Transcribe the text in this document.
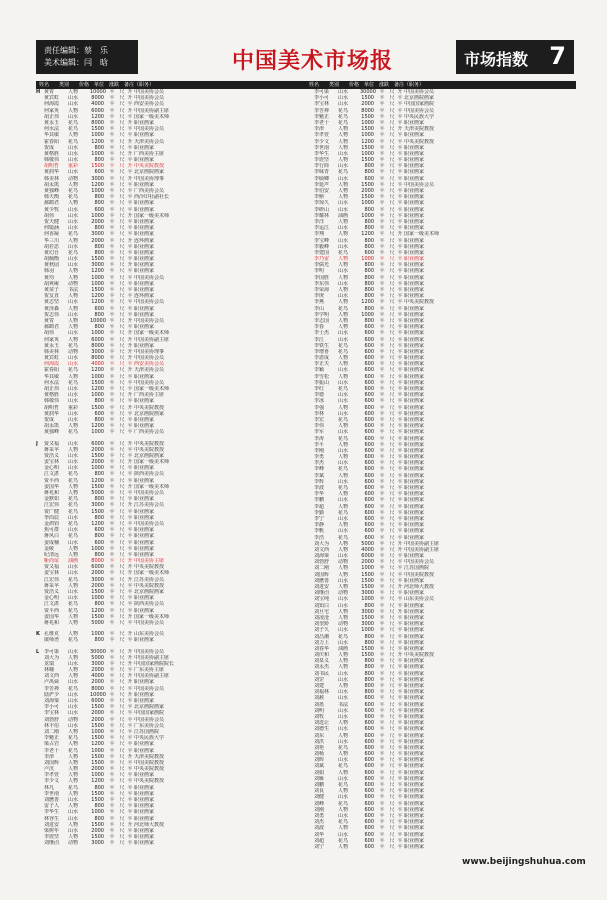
责任编辑：蔡　乐
美术编辑：闫　晗	中国美术市场报	市场指数 7
姓名　　类别　　价格　单位　涨跌　备注（职务）
H 黄胄	人物	10000 平 尺 升 中国美协会员
黄宾虹	山水	8000	平 尺 升 中国美协会员
何海霞	山水	4000	平 尺 平 西安美协会员
何家英	人物	6000	平 尺 升 中国美协副主席
胡正伟	山水	1200	平 尺 平 国家一级美术师
黄永玉	花鸟	8000	平 尺 升 职业画家
何水法	花鸟	1500	平 尺 平 中国美协会员
华其敏	人物	1000	平 尺 平 职业画家
霍春阳	花鸟	1200	平 尺 升 天津美协会员
贺成	山水	800	平 尺 平 职业画家
黄格胜	山水	1000	平 尺 升 广西美协主席
韩敬伟	山水	800	平 尺 平 职业画家
胡明哲	重彩	1500	平 尺 升 中央美院教授
黄润华	山水	600	平 尺 平 北京画院画家
韩美林	动物	3000	平 尺 升 中国美协理事
胡永凯	人物	1200	平 尺 平 职业画家
黄独峰	花鸟	1000	平 尺 平 广西美协会员
韩天衡	花鸟	800	平 尺 平 西泠印社副社长
郝鹤君	人物	800	平 尺 平 职业画家
黄少牧	山水	600	平 尺 平 职业画家
胡伟	山水	1000	平 尺 升 国家一级美术师
贺天健	山水	2000	平 尺 平 职业画家
何镜涵	山水	800	平 尺 平 职业画家
何香凝	花鸟	3000	平 尺 平 职业画家
华三川	人物	2000	平 尺 升 连环画家
胡若思	山水	800	平 尺 平 职业画家
黄幻吾	花鸟	800	平 尺 平 职业画家
胡佩衡	山水	1500	平 尺 平 职业画家
黄秋园	山水	3000	平 尺 升 职业画家
韩羽	人物	1200	平 尺 平 职业画家
黄均	人物	1000	平 尺 平 中国美协会员
胡爽庵	动物	1000	平 尺 平 职业画家
黄苗子	书法	1500	平 尺 平 职业画家
贺友直	人物	1200	平 尺 平 连环画家
黄志坚	山水	1200	平 尺 平 中国美协会员
黄泽森	人物	600	平 尺 平 职业画家
贺志伟	山水	800	平 尺 平 职业画家
黄胄	人物	10000 平 尺 升 中国美协会员
郝鹤君	人物	800	平 尺 平 职业画家
胡伟	山水	1000	平 尺 升 国家一级美术师
何家英	人物	6000	平 尺 升 中国美协副主席
黄永玉	花鸟	8000	平 尺 升 职业画家
韩美林	动物	3000	平 尺 升 中国美协理事
黄宾虹	山水	8000	平 尺 升 中国美协会员
何海霞	山水	4000	平 尺 平 西安美协会员
霍春阳	花鸟	1200	平 尺 升 天津美协会员
华其敏	人物	1000	平 尺 平 职业画家
何水法	花鸟	1500	平 尺 平 中国美协会员
胡正伟	山水	1200	平 尺 平 国家一级美术师
黄格胜	山水	1000	平 尺 升 广西美协主席
韩敬伟	山水	800	平 尺 平 职业画家
胡明哲	重彩	1500	平 尺 升 中央美院教授
黄润华	山水	600	平 尺 平 北京画院画家
贺成	山水	800	平 尺 平 职业画家
胡永凯	人物	1200	平 尺 平 职业画家
黄独峰	花鸟	1000	平 尺 平 广西美协会员
J	贾又福	山水	6000	平 尺 升 中央美院教授
蒋采苹	人物	2000	平 尺 平 中央美院教授
贾浩义	山水	1500	平 尺 平 北京画院画家
姜宝林	山水	2000	平 尺 升 国家一级美术师
金心明	山水	1000	平 尺 平 职业画家
江文湛	花鸟	800	平 尺 平 陕西美协会员
贾平西	花鸟	1200	平 尺 平 职业画家
姜国华	人物	1500	平 尺 升 国家一级美术师
蒋兆和	人物	5000	平 尺 平 中国美协会员
金默如	花鸟	800	平 尺 平 职业画家
江宏伟	花鸟	3000	平 尺 升 江苏美协会员
贾广健	花鸟	1500	平 尺 平 职业画家
季酉辰	山水	800	平 尺 平 职业画家
金鸿钧	花鸟	1200	平 尺 平 中国美协会员
焦可群	山水	600	平 尺 平 职业画家
蒋风白	花鸟	800	平 尺 平 职业画家
姜成楠	山水	600	平 尺 平 职业画家
金陵	人物	1000	平 尺 平 职业画家
纪清远	人物	800	平 尺 平 职业画家
靳尚谊	油画	8000	平 尺 升 中国美协主席
贾又福	山水	6000	平 尺 升 中央美院教授
姜宝林	山水	2000	平 尺 升 国家一级美术师
江宏伟	花鸟	3000	平 尺 升 江苏美协会员
蒋采苹	人物	2000	平 尺 平 中央美院教授
贾浩义	山水	1500	平 尺 平 北京画院画家
金心明	山水	1000	平 尺 平 职业画家
江文湛	花鸟	800	平 尺 平 陕西美协会员
贾平西	花鸟	1200	平 尺 平 职业画家
姜国华	人物	1500	平 尺 升 国家一级美术师
蒋兆和	人物	5000	平 尺 平 中国美协会员
K 孔维克	人物	1000	平 尺 升 山东美协会员
康师尧	花鸟	800	平 尺 平 职业画家
L 李可染	山水	30000 平 尺 升 中国美协会员
刘大为	人物	5000	平 尺 升 中国美协副主席
龙瑞	山水	3000	平 尺 升 中国国家画院院长
林墉	人物	2000	平 尺 平 广东美协主席
刘文西	人物	4000	平 尺 升 中国美协副主席
卢禹舜	山水	2000	平 尺 升 职业画家
李苦禅	花鸟	8000	平 尺 平 中国美协会员
陆俨少	山水	10000 平 尺 升 职业画家
刘海粟	山水	6000	平 尺 平 职业画家
李小可	山水	1500	平 尺 平 北京画院画家
李宝林	山水	2000	平 尺 平 中国国家画院
刘勃舒	动物	2000	平 尺 平 中国美协会员
林丰俗	山水	1500	平 尺 平 广东美协会员
刘二刚	人物	1000	平 尺 平 江苏国画院
李魁正	花鸟	1500	平 尺 平 中央民族大学
梁占岩	人物	1200	平 尺 平 职业画家
李老十	花鸟	1000	平 尺 平 职业画家
李津	人物	1500	平 尺 升 天津美院教授
刘国辉	人物	1500	平 尺 平 中国美院教授
卢沉	人物	2000	平 尺 平 中央美院教授
李孝萱	人物	1000	平 尺 平 职业画家
李少文	人物	1200	平 尺 平 中央美院教授
林凡	花鸟	800	平 尺 平 职业画家
李世南	人物	1500	平 尺 平 职业画家
刘懋善	山水	1500	平 尺 平 职业画家
雷子人	人物	800	平 尺 平 职业画家
李华生	山水	1000	平 尺 平 职业画家
林容生	山水	800	平 尺 平 职业画家
刘进安	人物	1500	平 尺 升 河北师大教授
梁树年	山水	2000	平 尺 平 职业画家
李震坚	人物	1500	平 尺 平 职业画家
刘继卣	动物	3000	平 尺 平 职业画家
姓名　　类别　　价格　单位　涨跌　备注（职务）
李可染	山水	30000 平 尺 升 中国美协会员
李小可	山水	1500	平 尺 平 北京画院画家
李宝林	山水	2000	平 尺 平 中国国家画院
李苦禅	花鸟	8000	平 尺 平 中国美协会员
李魁正	花鸟	1500	平 尺 平 中央民族大学
李老十	花鸟	1000	平 尺 平 职业画家
李津	人物	1500	平 尺 升 天津美院教授
李孝萱	人物	1000	平 尺 平 职业画家
李少文	人物	1200	平 尺 平 中央美院教授
李世南	人物	1500	平 尺 平 职业画家
李华生	山水	1000	平 尺 平 职业画家
李震坚	人物	1500	平 尺 平 职业画家
李行简	山水	800	平 尺 平 职业画家
李味青	花鸟	800	平 尺 平 职业画家
李硕卿	山水	600	平 尺 平 职业画家
李延声	人物	1500	平 尺 平 中国美协会员
李伯安	人物	2000	平 尺 平 职业画家
李斛	人物	1500	平 尺 平 职业画家
李琼久	山水	1000	平 尺 平 职业画家
李研山	山水	800	平 尺 平 职业画家
李耀林	油画	1000	平 尺 平 职业画家
李洋	人物	800	平 尺 平 职业画家
李运江	山水	800	平 尺 平 职业画家
李翔	人物	1200	平 尺 升 国家一级美术师
李宝峰	山水	800	平 尺 平 职业画家
李毅峰	山水	800	平 尺 平 职业画家
李建国	花鸟	600	平 尺 平 职业画家
李乃宙	人物	1000	平 尺 平 职业画家
李儒光	人物	800	平 尺 平 职业画家
李明	山水	800	平 尺 平 职业画家
李国胜	人物	800	平 尺 平 职业画家
李东伟	山水	800	平 尺 平 职业画家
李荣海	人物	800	平 尺 平 职业画家
李庚	山水	800	平 尺 平 职业画家
李燕	人物	1200	平 尺 平 中央美院教授
李山	花鸟	800	平 尺 平 职业画家
李学明	人物	1000	平 尺 平 职业画家
李志国	人物	800	平 尺 平 职业画家
李春	人物	600	平 尺 平 职业画家
李士杰	山水	600	平 尺 平 职业画家
李江	山水	600	平 尺 平 职业画家
李铁生	花鸟	600	平 尺 平 职业画家
李增喜	花鸟	600	平 尺 平 职业画家
李恩成	人物	600	平 尺 平 职业画家
李正天	人物	600	平 尺 平 职业画家
李颖	山水	600	平 尺 平 职业画家
李雪松	人物	600	平 尺 平 职业画家
李振山	山水	600	平 尺 平 职业画家
李红	花鸟	600	平 尺 平 职业画家
李德	山水	600	平 尺 平 职业画家
李冰	山水	600	平 尺 平 职业画家
李强	人物	600	平 尺 平 职业画家
李林	山水	600	平 尺 平 职业画家
李宏	花鸟	600	平 尺 平 职业画家
李伟	人物	600	平 尺 平 职业画家
李军	山水	600	平 尺 平 职业画家
李涛	花鸟	600	平 尺 平 职业画家
李平	人物	600	平 尺 平 职业画家
李刚	山水	600	平 尺 平 职业画家
李勇	人物	600	平 尺 平 职业画家
李杰	山水	600	平 尺 平 职业画家
李峰	花鸟	600	平 尺 平 职业画家
李斌	人物	600	平 尺 平 职业画家
李辉	山水	600	平 尺 平 职业画家
李波	花鸟	600	平 尺 平 职业画家
李华	人物	600	平 尺 平 职业画家
李鹏	山水	600	平 尺 平 职业画家
李超	人物	600	平 尺 平 职业画家
李勤	花鸟	600	平 尺 平 职业画家
李宁	山水	600	平 尺 平 职业画家
李静	人物	600	平 尺 平 职业画家
李帆	山水	600	平 尺 平 职业画家
李浩	花鸟	600	平 尺 平 职业画家
刘大为	人物	5000	平 尺 升 中国美协副主席
刘文西	人物	4000	平 尺 升 中国美协副主席
刘海粟	山水	6000	平 尺 平 职业画家
刘勃舒	动物	2000	平 尺 平 中国美协会员
刘二刚	人物	1000	平 尺 平 江苏国画院
刘国辉	人物	1500	平 尺 平 中国美院教授
刘懋善	山水	1500	平 尺 平 职业画家
刘进安	人物	1500	平 尺 升 河北师大教授
刘继卣	动物	3000	平 尺 平 职业画家
刘宝纯	山水	1000	平 尺 平 山东美协会员
刘知白	山水	800	平 尺 平 职业画家
刘旦宅	人物	3000	平 尺 升 职业画家
刘凌沧	人物	1500	平 尺 平 职业画家
刘奎龄	动物	3000	平 尺 平 职业画家
刘子久	山水	1000	平 尺 平 职业画家
刘昌潮	花鸟	800	平 尺 平 职业画家
刘力上	山水	800	平 尺 平 职业画家
刘春华	油画	1500	平 尺 平 职业画家
刘庆和	人物	1500	平 尺 升 中央美院教授
刘泉义	人物	800	平 尺 平 职业画家
刘永杰	人物	800	平 尺 平 职业画家
刘书民	山水	800	平 尺 平 职业画家
刘罡	山水	800	平 尺 平 职业画家
刘建	人物	800	平 尺 平 职业画家
刘福林	山水	800	平 尺 平 职业画家
刘赦	山水	600	平 尺 平 职业画家
刘墨	书法	600	平 尺 平 职业画家
刘明	山水	600	平 尺 平 职业画家
刘牧	山水	600	平 尺 平 职业画家
刘选让	人物	600	平 尺 平 职业画家
刘德生	山水	600	平 尺 平 职业画家
刘东	人物	600	平 尺 平 职业画家
刘洪	山水	600	平 尺 平 职业画家
刘艳	花鸟	600	平 尺 平 职业画家
刘杨	人物	600	平 尺 平 职业画家
刘晖	山水	600	平 尺 平 职业画家
刘斌	花鸟	600	平 尺 平 职业画家
刘娟	人物	600	平 尺 平 职业画家
刘雁	山水	600	平 尺 平 职业画家
刘鹏	花鸟	600	平 尺 平 职业画家
刘良	人物	600	平 尺 平 职业画家
刘健	山水	600	平 尺 平 职业画家
刘峰	花鸟	600	平 尺 平 职业画家
刘刚	人物	600	平 尺 平 职业画家
刘勇	山水	600	平 尺 平 职业画家
刘杰	花鸟	600	平 尺 平 职业画家
刘波	人物	600	平 尺 平 职业画家
刘华	山水	600	平 尺 平 职业画家
刘超	花鸟	600	平 尺 平 职业画家
刘宁	人物	600	平 尺 平 职业画家
www.beijingshuhua.com
